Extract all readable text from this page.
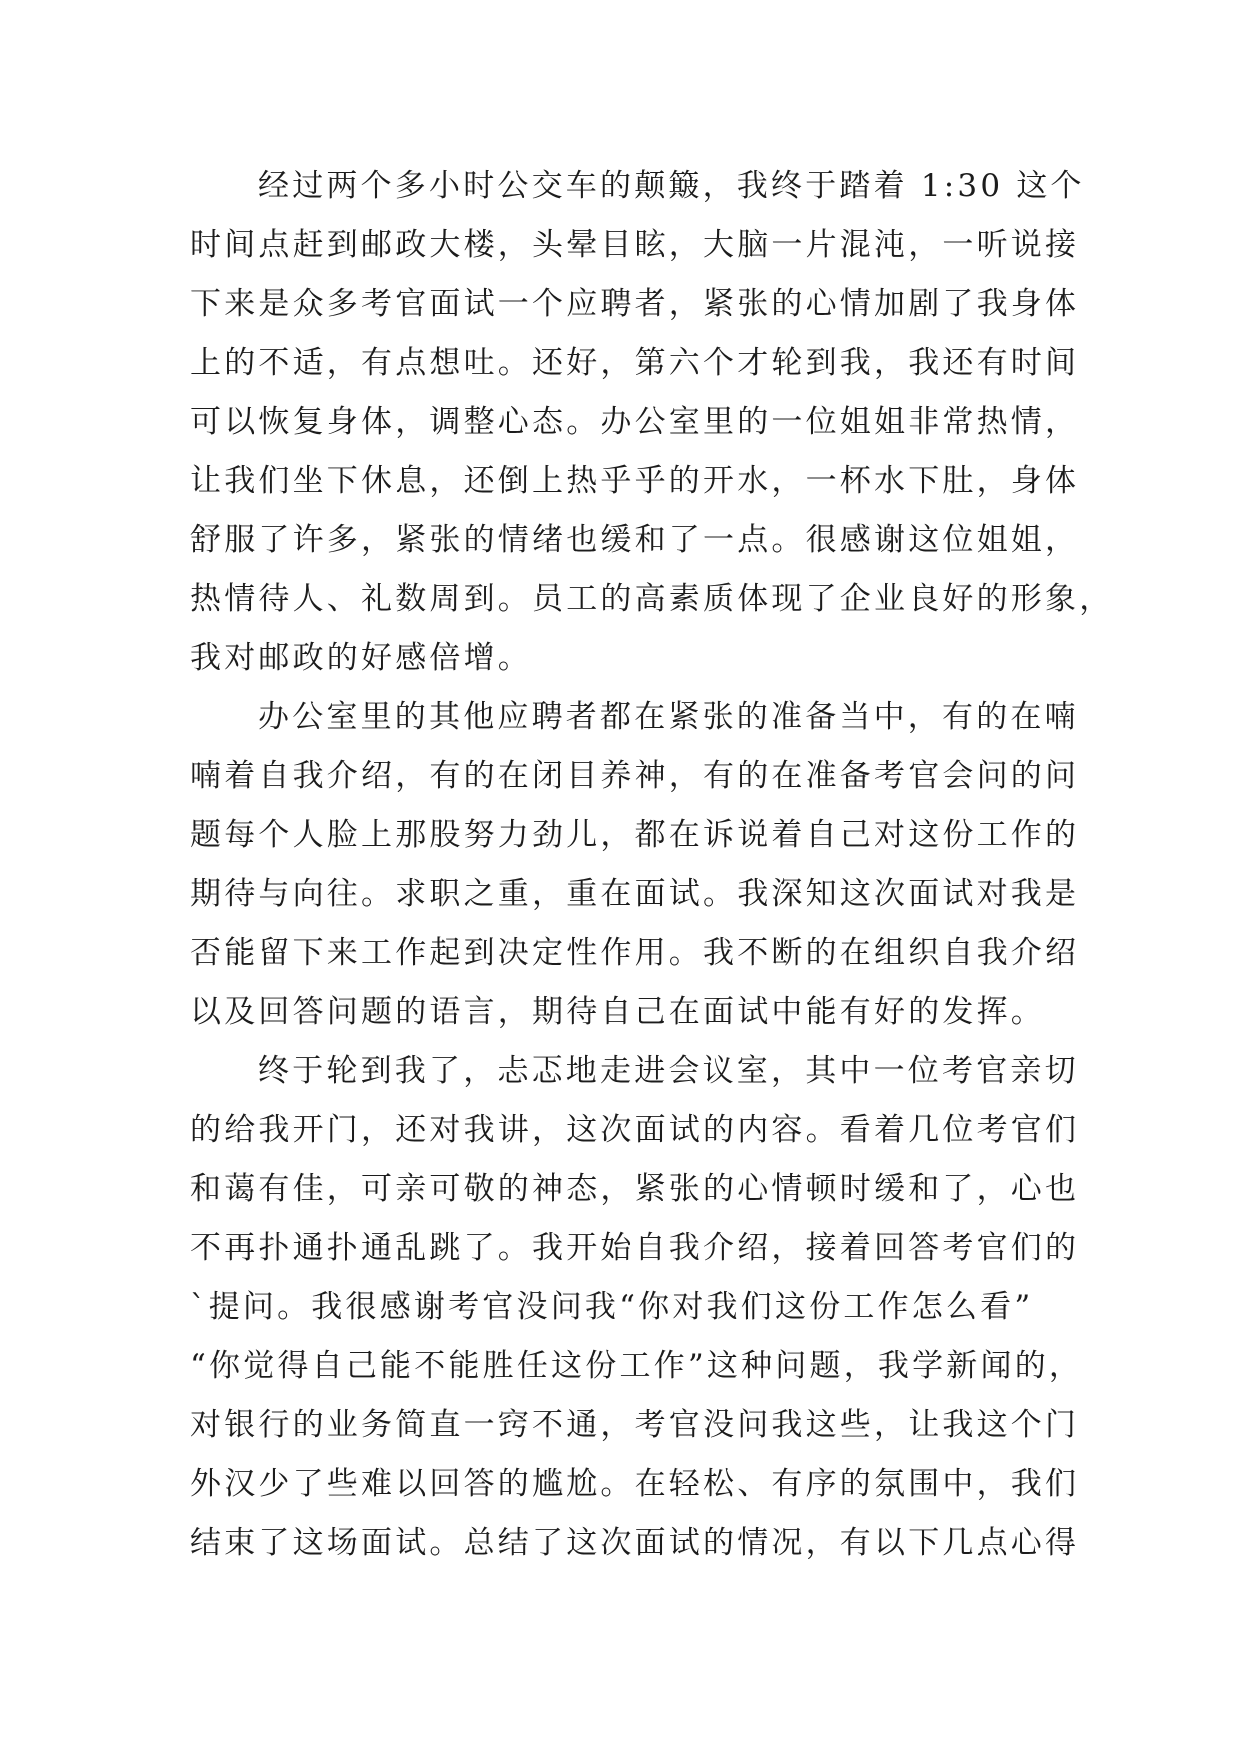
经过两个多小时公交车的颠簸，我终于踏着 1:30 这个
时间点赶到邮政大楼，头晕目眩，大脑一片混沌，一听说接
下来是众多考官面试一个应聘者，紧张的心情加剧了我身体
上的不适，有点想吐。还好，第六个才轮到我，我还有时间
可以恢复身体，调整心态。办公室里的一位姐姐非常热情，
让我们坐下休息，还倒上热乎乎的开水，一杯水下肚，身体
舒服了许多，紧张的情绪也缓和了一点。很感谢这位姐姐，
热情待人、礼数周到。员工的高素质体现了企业良好的形象，
我对邮政的好感倍增。
办公室里的其他应聘者都在紧张的准备当中，有的在喃
喃着自我介绍，有的在闭目养神，有的在准备考官会问的问
题每个人脸上那股努力劲儿，都在诉说着自己对这份工作的
期待与向往。求职之重，重在面试。我深知这次面试对我是
否能留下来工作起到决定性作用。我不断的在组织自我介绍
以及回答问题的语言，期待自己在面试中能有好的发挥。
终于轮到我了，忐忑地走进会议室，其中一位考官亲切
的给我开门，还对我讲，这次面试的内容。看着几位考官们
和蔼有佳，可亲可敬的神态，紧张的心情顿时缓和了，心也
不再扑通扑通乱跳了。我开始自我介绍，接着回答考官们的
`提问。我很感谢考官没问我“你对我们这份工作怎么看”
“你觉得自己能不能胜任这份工作”这种问题，我学新闻的，
对银行的业务简直一窍不通，考官没问我这些，让我这个门
外汉少了些难以回答的尴尬。在轻松、有序的氛围中，我们
结束了这场面试。总结了这次面试的情况，有以下几点心得
